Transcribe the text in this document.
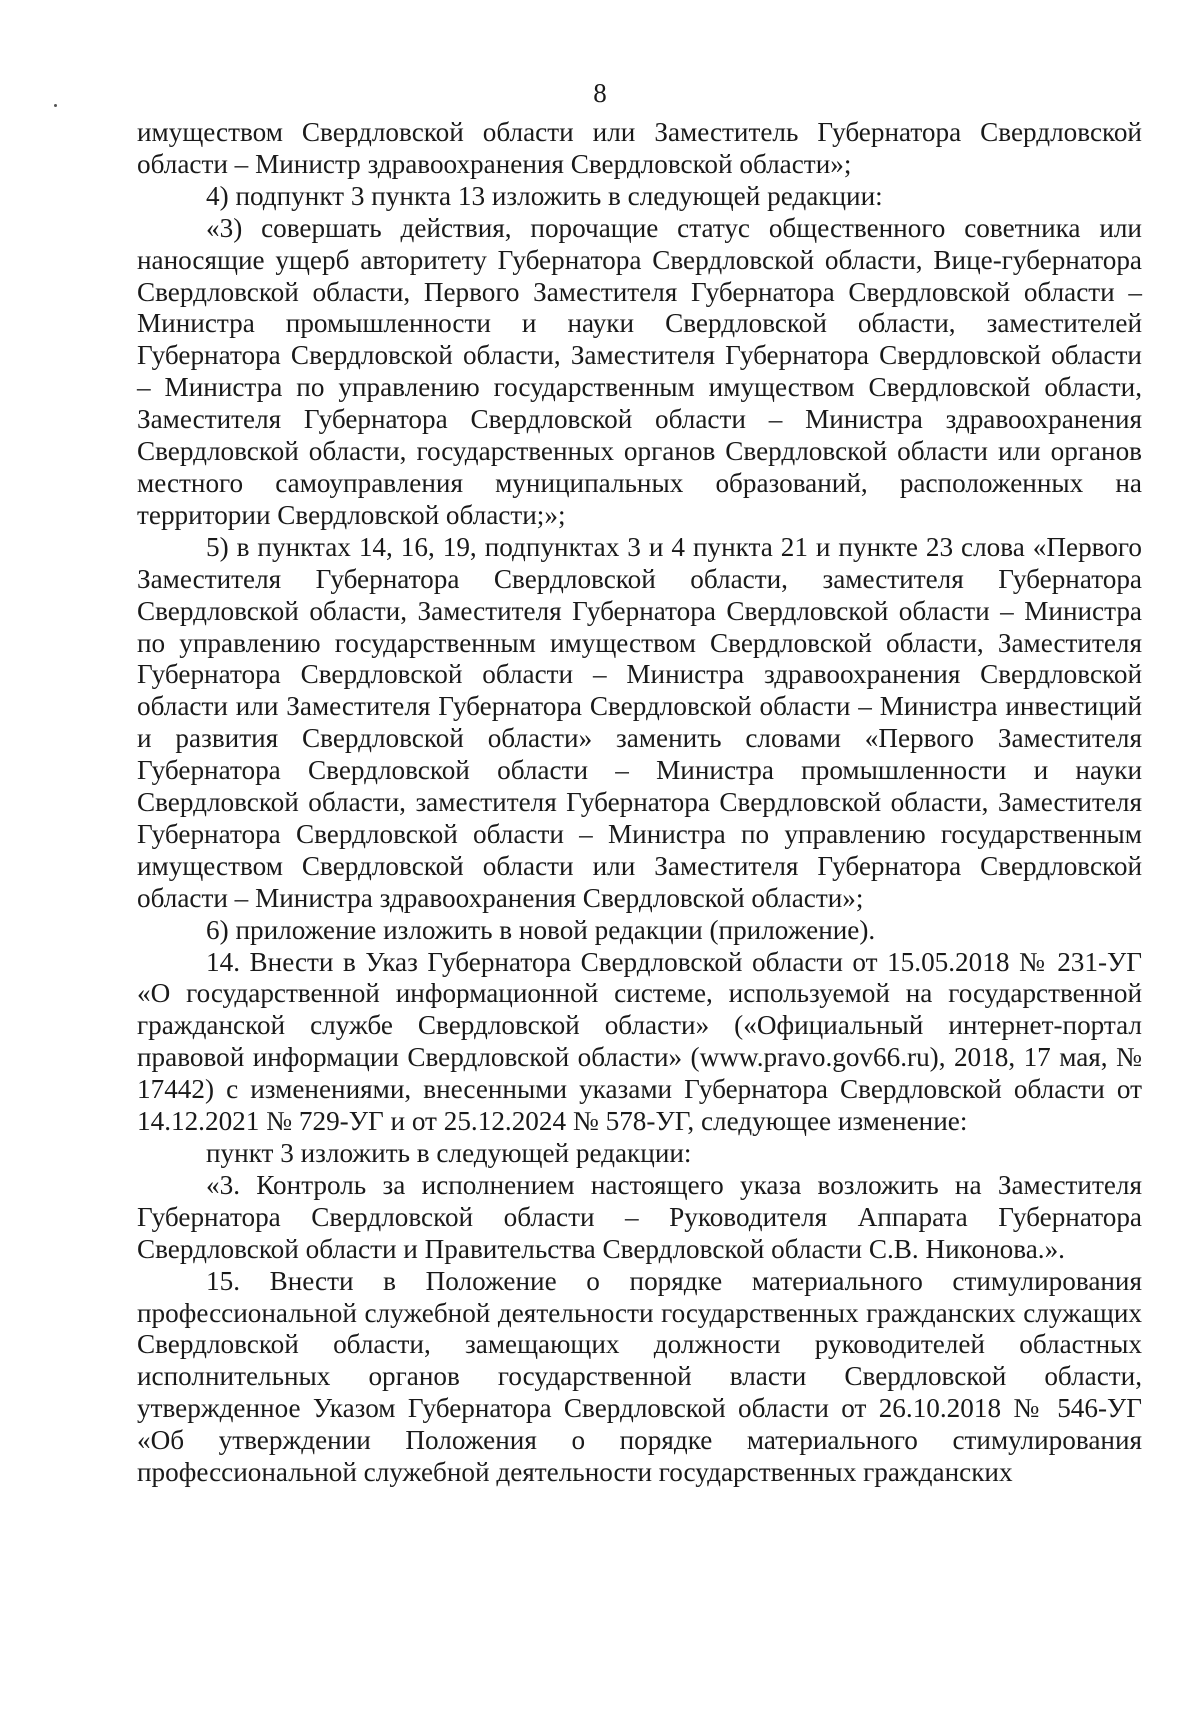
8

имуществом Свердловской области или Заместитель Губернатора Свердловской области – Министр здравоохранения Свердловской области»;

4) подпункт 3 пункта 13 изложить в следующей редакции:

«3) совершать действия, порочащие статус общественного советника или наносящие ущерб авторитету Губернатора Свердловской области, Вице-губернатора Свердловской области, Первого Заместителя Губернатора Свердловской области – Министра промышленности и науки Свердловской области, заместителей Губернатора Свердловской области, Заместителя Губернатора Свердловской области – Министра по управлению государственным имуществом Свердловской области, Заместителя Губернатора Свердловской области – Министра здравоохранения Свердловской области, государственных органов Свердловской области или органов местного самоуправления муниципальных образований, расположенных на территории Свердловской области;»;

5) в пунктах 14, 16, 19, подпунктах 3 и 4 пункта 21 и пункте 23 слова «Первого Заместителя Губернатора Свердловской области, заместителя Губернатора Свердловской области, Заместителя Губернатора Свердловской области – Министра по управлению государственным имуществом Свердловской области, Заместителя Губернатора Свердловской области – Министра здравоохранения Свердловской области или Заместителя Губернатора Свердловской области – Министра инвестиций и развития Свердловской области» заменить словами «Первого Заместителя Губернатора Свердловской области – Министра промышленности и науки Свердловской области, заместителя Губернатора Свердловской области, Заместителя Губернатора Свердловской области – Министра по управлению государственным имуществом Свердловской области или Заместителя Губернатора Свердловской области – Министра здравоохранения Свердловской области»;

6) приложение изложить в новой редакции (приложение).

14. Внести в Указ Губернатора Свердловской области от 15.05.2018 № 231-УГ «О государственной информационной системе, используемой на государственной гражданской службе Свердловской области» («Официальный интернет-портал правовой информации Свердловской области» (www.pravo.gov66.ru), 2018, 17 мая, № 17442) с изменениями, внесенными указами Губернатора Свердловской области от 14.12.2021 № 729-УГ и от 25.12.2024 № 578-УГ, следующее изменение:

пункт 3 изложить в следующей редакции:

«3. Контроль за исполнением настоящего указа возложить на Заместителя Губернатора Свердловской области – Руководителя Аппарата Губернатора Свердловской области и Правительства Свердловской области С.В. Никонова.».

15. Внести в Положение о порядке материального стимулирования профессиональной служебной деятельности государственных гражданских служащих Свердловской области, замещающих должности руководителей областных исполнительных органов государственной власти Свердловской области, утвержденное Указом Губернатора Свердловской области от 26.10.2018 № 546-УГ «Об утверждении Положения о порядке материального стимулирования профессиональной служебной деятельности государственных гражданских
